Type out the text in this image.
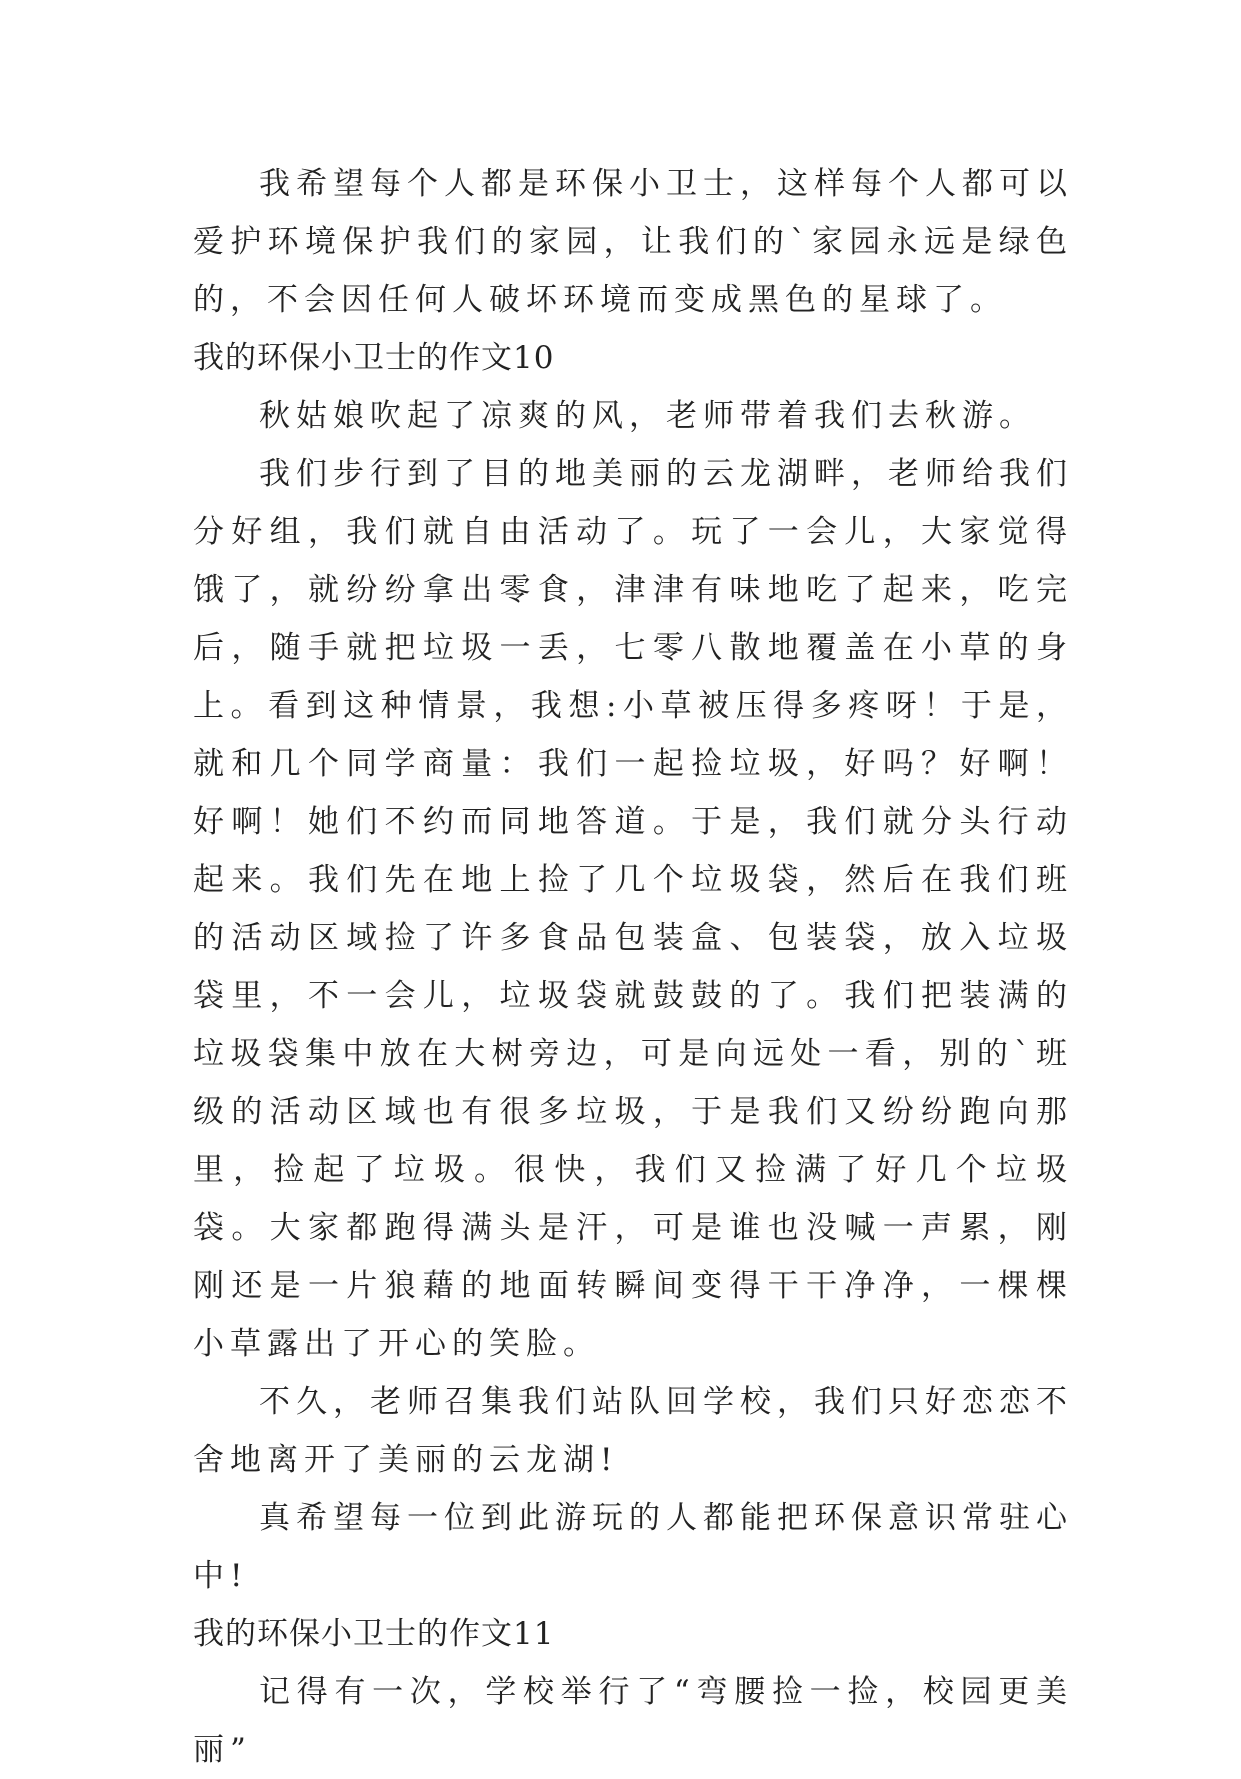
我希望每个人都是环保小卫士，这样每个人都可以爱护环境保护我们的家园，让我们的`家园永远是绿色的，不会因任何人破坏环境而变成黑色的星球了。

我的环保小卫士的作文10

秋姑娘吹起了凉爽的风，老师带着我们去秋游。

我们步行到了目的地美丽的云龙湖畔，老师给我们分好组，我们就自由活动了。玩了一会儿，大家觉得饿了，就纷纷拿出零食，津津有味地吃了起来，吃完后，随手就把垃圾一丢，七零八散地覆盖在小草的身上。看到这种情景，我想:小草被压得多疼呀！于是，就和几个同学商量：我们一起捡垃圾，好吗？好啊！好啊！她们不约而同地答道。于是，我们就分头行动起来。我们先在地上捡了几个垃圾袋，然后在我们班的活动区域捡了许多食品包装盒、包装袋，放入垃圾袋里，不一会儿，垃圾袋就鼓鼓的了。我们把装满的垃圾袋集中放在大树旁边，可是向远处一看，别的`班级的活动区域也有很多垃圾，于是我们又纷纷跑向那里，捡起了垃圾。很快，我们又捡满了好几个垃圾袋。大家都跑得满头是汗，可是谁也没喊一声累，刚刚还是一片狼藉的地面转瞬间变得干干净净，一棵棵小草露出了开心的笑脸。

不久，老师召集我们站队回学校，我们只好恋恋不舍地离开了美丽的云龙湖!

真希望每一位到此游玩的人都能把环保意识常驻心中!

我的环保小卫士的作文11

记得有一次，学校举行了“弯腰捡一捡，校园更美丽”
